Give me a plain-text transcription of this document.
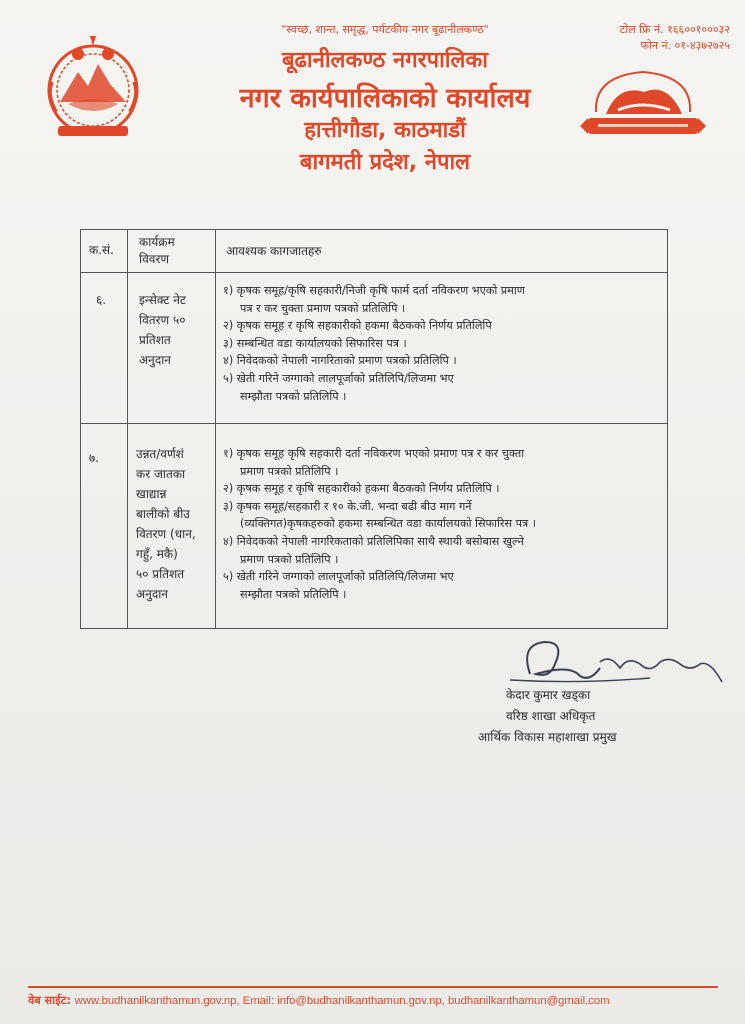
"स्वच्छ, शान्त, समृद्ध, पर्यटकीय नगर बूढानीलकण्ठ"
बूढानीलकण्ठ नगरपालिका
नगर कार्यपालिकाको कार्यालय
हात्तीगौडा, काठमाडौं
बागमती प्रदेश, नेपाल
टोल फ्रि नं. १६६००१०००३२
फोन नं. ०१-४३७२७२५
क.सं.
कार्यक्रम
विवरण
आवश्यक कागजातहरु
६.	इन्सेक्ट नेट
वितरण ५०
प्रतिशत
अनुदान
१) कृषक समूह/कृषि सहकारी/निजी कृषि फार्म दर्ता नविकरण भएको प्रमाण
पत्र र कर चुक्ता प्रमाण पत्रको प्रतिलिपि ।
२) कृषक समूह र कृषि सहकारीको हकमा बैठकको निर्णय प्रतिलिपि
३) सम्बन्धित वडा कार्यालयको सिफारिस पत्र ।
४) निवेदकको नेपाली नागरिताको प्रमाण पत्रको प्रतिलिपि ।
५) खेती गरिने जग्गाको लालपूर्जाको प्रतिलिपि/लिजमा भए
सम्झौता पत्रको प्रतिलिपि ।
७.	उन्नत/वर्णशं
कर जातका
खाद्यान्न
बालीको बीउ
वितरण (धान,
गहुँ, मकै)
५० प्रतिशत
अनुदान
१) कृषक समूह कृषि सहकारी दर्ता नविकरण भएको प्रमाण पत्र र कर चुक्ता
प्रमाण पत्रको प्रतिलिपि ।
२) कृषक समूह र कृषि सहकारीको हकमा बैठकको निर्णय प्रतिलिपि ।
३) कृषक समूह/सहकारी र १० के.जी. भन्दा बढी बीउ माग गर्ने
(व्यक्तिगत)कृषकहरुको हकमा सम्बन्धित वडा कार्यालयको सिफारिस पत्र ।
४) निवेदकको नेपाली नागरिकताको प्रतिलिपिका साथै स्थायी बसोबास खुल्ने
प्रमाण पत्रको प्रतिलिपि ।
५) खेती गरिने जग्गाको लालपूर्जाको प्रतिलिपि/लिजमा भए
सम्झौता पत्रको प्रतिलिपि ।
केदार कुमार खड्का
वरिष्ठ शाखा अधिकृत
आर्थिक विकास महाशाखा प्रमुख
वेब साईट: www.budhanilkanthamun.gov.np, Email: info@budhanilkanthamun.gov.np, budhanilkanthamun@gmail.com
